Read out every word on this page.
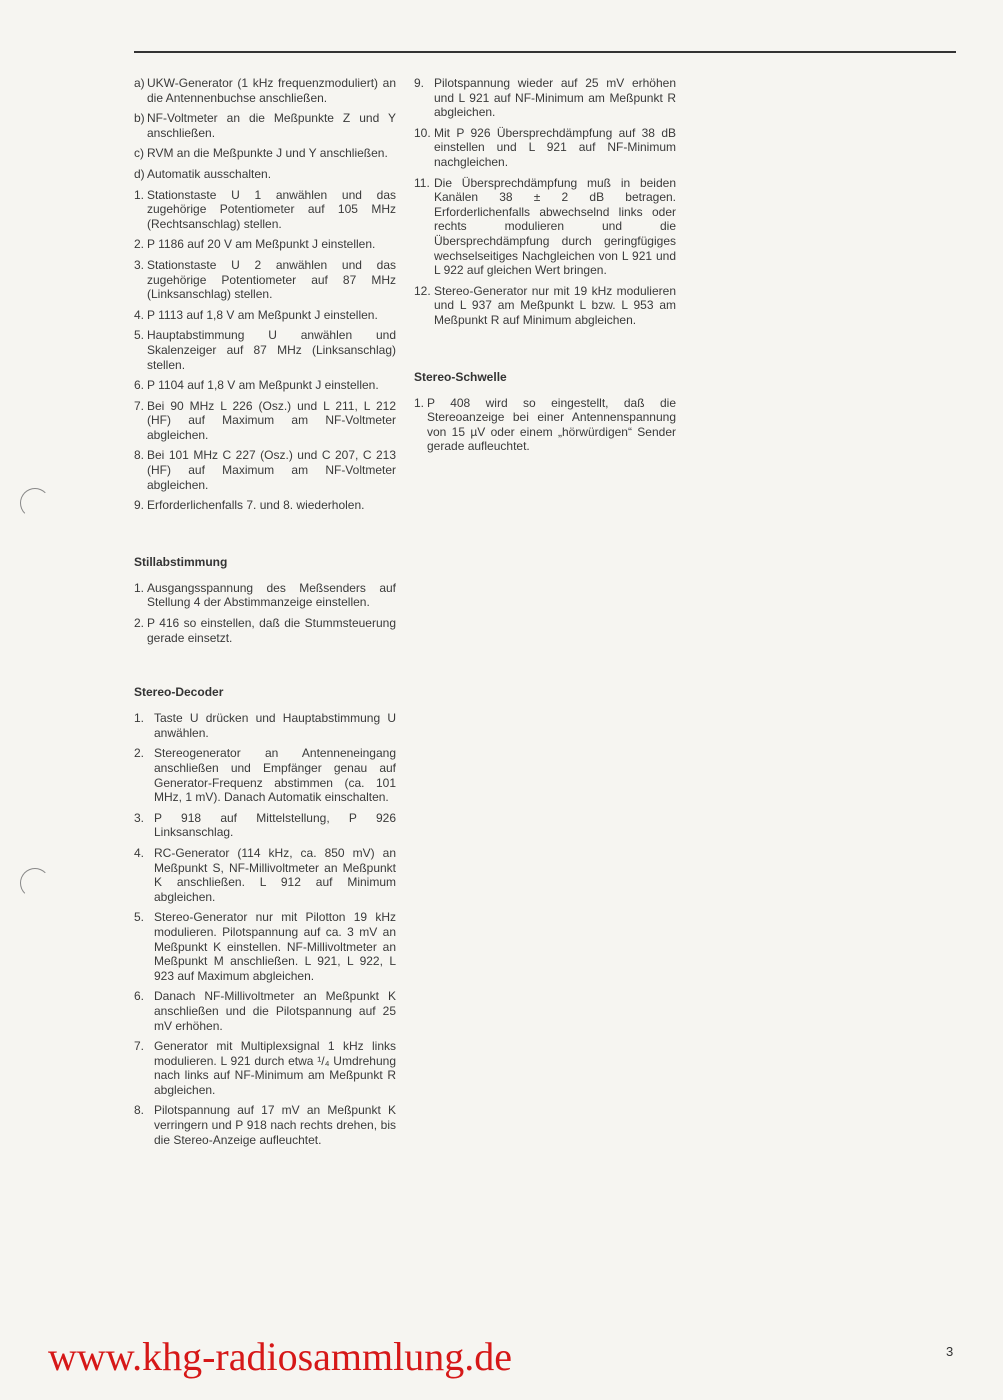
a) UKW-Generator (1 kHz frequenzmoduliert) an die Antennenbuchse anschließen.
b) NF-Voltmeter an die Meßpunkte Z und Y anschließen.
c) RVM an die Meßpunkte J und Y anschließen.
d) Automatik ausschalten.
1. Stationstaste U 1 anwählen und das zugehörige Potentiometer auf 105 MHz (Rechtsanschlag) stellen.
2. P 1186 auf 20 V am Meßpunkt J einstellen.
3. Stationstaste U 2 anwählen und das zugehörige Potentiometer auf 87 MHz (Linksanschlag) stellen.
4. P 1113 auf 1,8 V am Meßpunkt J einstellen.
5. Hauptabstimmung U anwählen und Skalenzeiger auf 87 MHz (Linksanschlag) stellen.
6. P 1104 auf 1,8 V am Meßpunkt J einstellen.
7. Bei 90 MHz L 226 (Osz.) und L 211, L 212 (HF) auf Maximum am NF-Voltmeter abgleichen.
8. Bei 101 MHz C 227 (Osz.) und C 207, C 213 (HF) auf Maximum am NF-Voltmeter abgleichen.
9. Erforderlichenfalls 7. und 8. wiederholen.
Stillabstimmung
1. Ausgangsspannung des Meßsenders auf Stellung 4 der Abstimmanzeige einstellen.
2. P 416 so einstellen, daß die Stummsteuerung gerade einsetzt.
Stereo-Decoder
1. Taste U drücken und Hauptabstimmung U anwählen.
2. Stereogenerator an Antenneneingang anschließen und Empfänger genau auf Generator-Frequenz abstimmen (ca. 101 MHz, 1 mV). Danach Automatik einschalten.
3. P 918 auf Mittelstellung, P 926 Linksanschlag.
4. RC-Generator (114 kHz, ca. 850 mV) an Meßpunkt S, NF-Millivoltmeter an Meßpunkt K anschließen. L 912 auf Minimum abgleichen.
5. Stereo-Generator nur mit Pilotton 19 kHz modulieren. Pilotspannung auf ca. 3 mV an Meßpunkt K einstellen. NF-Millivoltmeter an Meßpunkt M anschließen. L 921, L 922, L 923 auf Maximum abgleichen.
6. Danach NF-Millivoltmeter an Meßpunkt K anschließen und die Pilotspannung auf 25 mV erhöhen.
7. Generator mit Multiplexsignal 1 kHz links modulieren. L 921 durch etwa ¹/₄ Umdrehung nach links auf NF-Minimum am Meßpunkt R abgleichen.
8. Pilotspannung auf 17 mV an Meßpunkt K verringern und P 918 nach rechts drehen, bis die Stereo-Anzeige aufleuchtet.
9. Pilotspannung wieder auf 25 mV erhöhen und L 921 auf NF-Minimum am Meßpunkt R abgleichen.
10. Mit P 926 Übersprechdämpfung auf 38 dB einstellen und L 921 auf NF-Minimum nachgleichen.
11. Die Übersprechdämpfung muß in beiden Kanälen 38 ± 2 dB betragen. Erforderlichenfalls abwechselnd links oder rechts modulieren und die Übersprechdämpfung durch geringfügiges wechselseitiges Nachgleichen von L 921 und L 922 auf gleichen Wert bringen.
12. Stereo-Generator nur mit 19 kHz modulieren und L 937 am Meßpunkt L bzw. L 953 am Meßpunkt R auf Minimum abgleichen.
Stereo-Schwelle
1. P 408 wird so eingestellt, daß die Stereoanzeige bei einer Antennenspannung von 15 µV oder einem „hörwürdigen“ Sender gerade aufleuchtet.
www.khg-radiosammlung.de	3
